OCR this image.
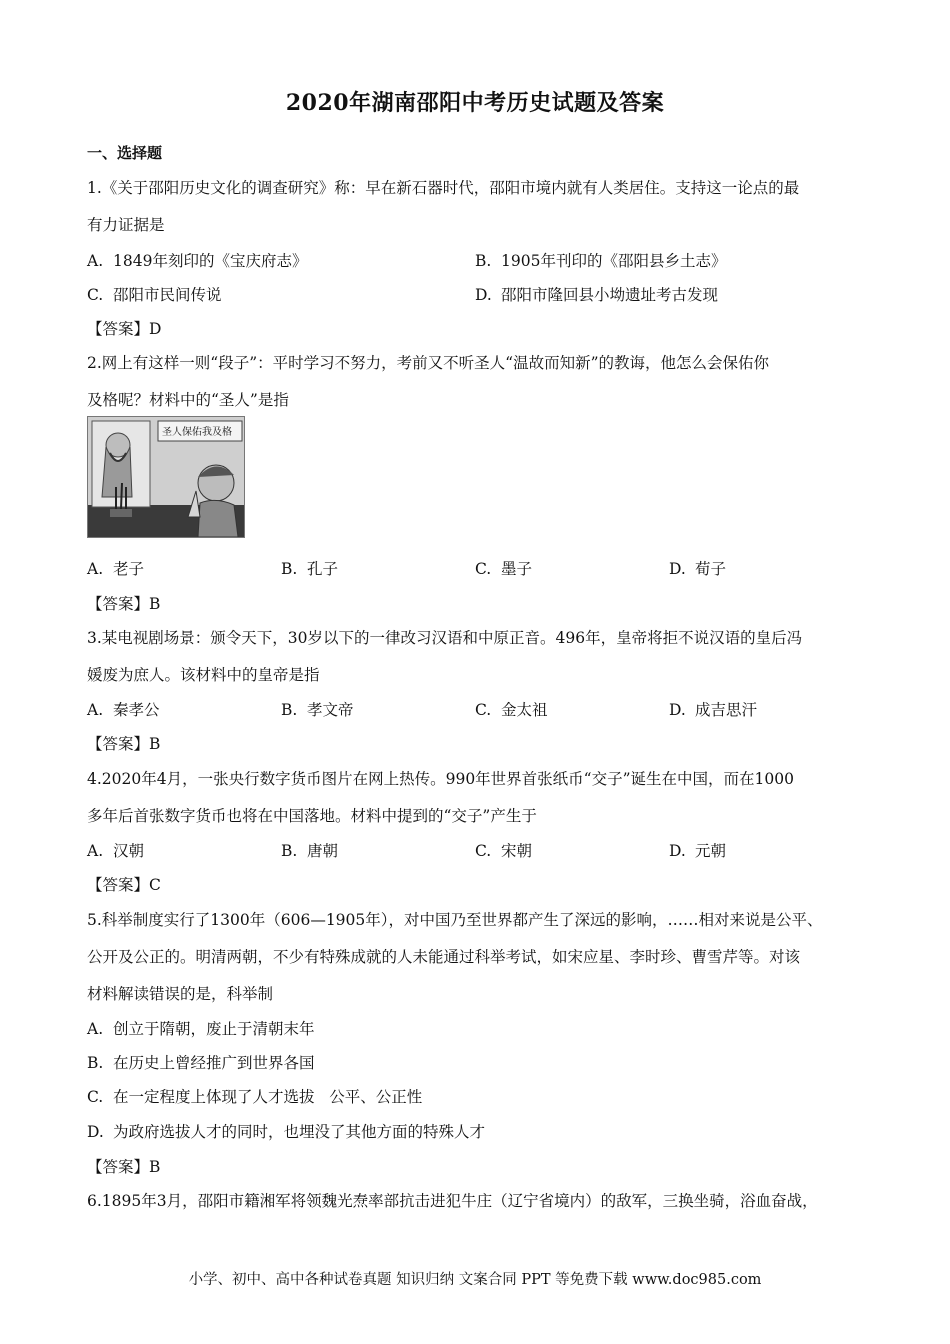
2020年湖南邵阳中考历史试题及答案
一、选择题
1.《关于邵阳历史文化的调查研究》称：早在新石器时代，邵阳市境内就有人类居住。支持这一论点的最
有力证据是
A. 1849年刻印的《宝庆府志》	B. 1905年刊印的《邵阳县乡土志》
C. 邵阳市民间传说	D. 邵阳市隆回县小坳遗址考古发现
【答案】D
2.网上有这样一则“段子”：平时学习不努力，考前又不听圣人“温故而知新”的教诲，他怎么会保佑你
及格呢？材料中的“圣人”是指
圣人保佑我及格
A. 老子	B. 孔子	C. 墨子	D. 荀子
【答案】B
3.某电视剧场景：颁令天下，30岁以下的一律改习汉语和中原正音。496年，皇帝将拒不说汉语的皇后冯
媛废为庶人。该材料中的皇帝是指
A. 秦孝公	B. 孝文帝	C. 金太祖	D. 成吉思汗
【答案】B
4.2020年4月，一张央行数字货币图片在网上热传。990年世界首张纸币“交子”诞生在中国，而在1000
多年后首张数字货币也将在中国落地。材料中提到的“交子”产生于
A. 汉朝	B. 唐朝	C. 宋朝	D. 元朝
【答案】C
5.科举制度实行了1300年（606—1905年），对中国乃至世界都产生了深远的影响，……相对来说是公平、
公开及公正的。明清两朝，不少有特殊成就的人未能通过科举考试，如宋应星、李时珍、曹雪芹等。对该
材料解读错误的是，科举制
A. 创立于隋朝，废止于清朝末年
B. 在历史上曾经推广到世界各国
C. 在一定程度上体现了人才选拔   公平、公正性
D. 为政府选拔人才的同时，也埋没了其他方面的特殊人才
【答案】B
6.1895年3月，邵阳市籍湘军将领魏光焘率部抗击进犯牛庄（辽宁省境内）的敌军，三换坐骑，浴血奋战，
小学、初中、高中各种试卷真题 知识归纳 文案合同 PPT 等免费下载 www.doc985.com
